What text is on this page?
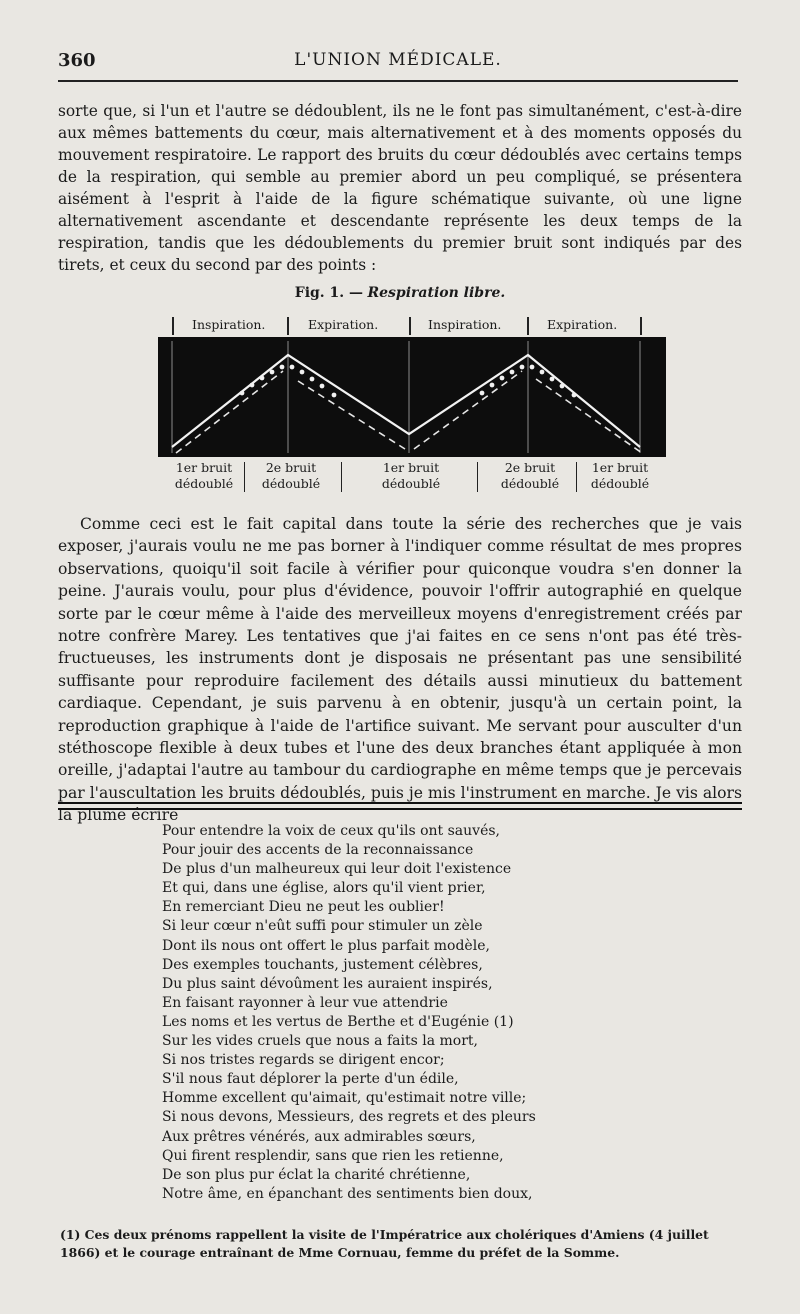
360	L'UNION MÉDICALE.

sorte que, si l'un et l'autre se dédoublent, ils ne le font pas simultanément, c'est-à-dire aux mêmes battements du cœur, mais alternativement et à des moments opposés du mouvement respiratoire. Le rapport des bruits du cœur dédoublés avec certains temps de la respiration, qui semble au premier abord un peu compliqué, se présentera aisément à l'esprit à l'aide de la figure schématique suivante, où une ligne alternativement ascendante et descendante représente les deux temps de la respiration, tandis que les dédoublements du premier bruit sont indiqués par des tirets, et ceux du second par des points :

Fig. 1. — Respiration libre.
Inspiration.	Expiration.	Inspiration.	Expiration.
1er bruit
dédoublé
2e bruit
dédoublé
1er bruit
dédoublé
2e bruit
dédoublé
1er bruit
dédoublé

Comme ceci est le fait capital dans toute la série des recherches que je vais exposer, j'aurais voulu ne me pas borner à l'indiquer comme résultat de mes propres observations, quoiqu'il soit facile à vérifier pour quiconque voudra s'en donner la peine. J'aurais voulu, pour plus d'évidence, pouvoir l'offrir autographié en quelque sorte par le cœur même à l'aide des merveilleux moyens d'enregistrement créés par notre confrère Marey. Les tentatives que j'ai faites en ce sens n'ont pas été très-fructueuses, les instruments dont je disposais ne présentant pas une sensibilité suffisante pour reproduire facilement des détails aussi minutieux du battement cardiaque. Cependant, je suis parvenu à en obtenir, jusqu'à un certain point, la reproduction graphique à l'aide de l'artifice suivant. Me servant pour ausculter d'un stéthoscope flexible à deux tubes et l'une des deux branches étant appliquée à mon oreille, j'adaptai l'autre au tambour du cardiographe en même temps que je percevais par l'auscultation les bruits dédoublés, puis je mis l'instrument en marche. Je vis alors la plume écrire

Pour entendre la voix de ceux qu'ils ont sauvés,
Pour jouir des accents de la reconnaissance
De plus d'un malheureux qui leur doit l'existence
Et qui, dans une église, alors qu'il vient prier,
En remerciant Dieu ne peut les oublier!
Si leur cœur n'eût suffi pour stimuler un zèle
Dont ils nous ont offert le plus parfait modèle,
Des exemples touchants, justement célèbres,
Du plus saint dévoûment les auraient inspirés,
En faisant rayonner à leur vue attendrie
Les noms et les vertus de Berthe et d'Eugénie (1)
Sur les vides cruels que nous a faits la mort,
Si nos tristes regards se dirigent encor;
S'il nous faut déplorer la perte d'un édile,
Homme excellent qu'aimait, qu'estimait notre ville;
Si nous devons, Messieurs, des regrets et des pleurs
Aux prêtres vénérés, aux admirables sœurs,
Qui firent resplendir, sans que rien les retienne,
De son plus pur éclat la charité chrétienne,
Notre âme, en épanchant des sentiments bien doux,
(1) Ces deux prénoms rappellent la visite de l'Impératrice aux cholériques d'Amiens (4 juillet 1866) et le courage entraînant de Mme Cornuau, femme du préfet de la Somme.
